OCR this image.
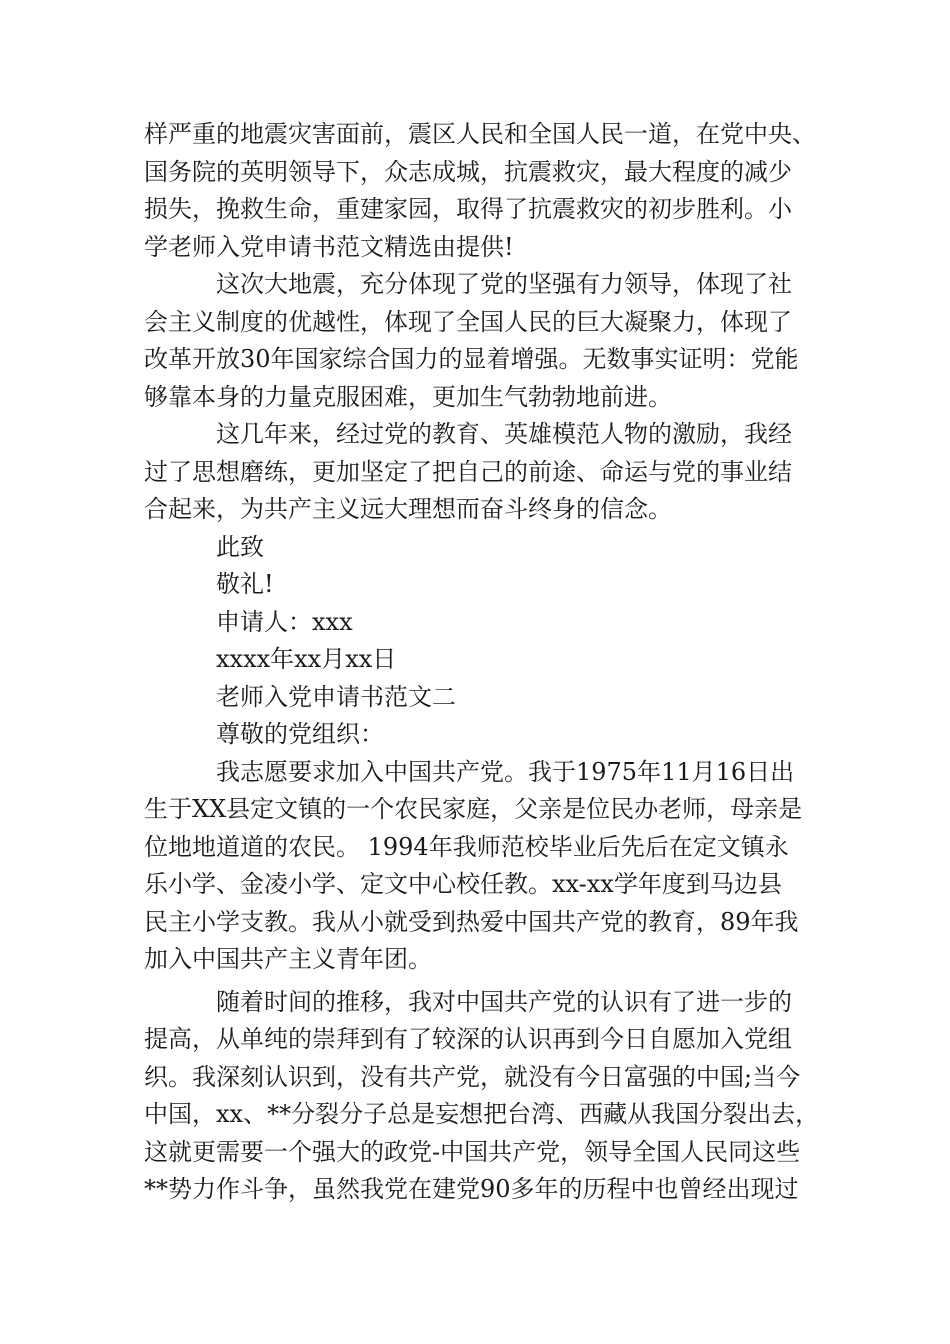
样严重的地震灾害面前，震区人民和全国人民一道，在党中央、
国务院的英明领导下，众志成城，抗震救灾，最大程度的减少
损失，挽救生命，重建家园，取得了抗震救灾的初步胜利。小
学老师入党申请书范文精选由提供!
这次大地震，充分体现了党的坚强有力领导，体现了社
会主义制度的优越性，体现了全国人民的巨大凝聚力，体现了
改革开放30年国家综合国力的显着增强。无数事实证明：党能
够靠本身的力量克服困难，更加生气勃勃地前进。
这几年来，经过党的教育、英雄模范人物的激励，我经
过了思想磨练，更加坚定了把自己的前途、命运与党的事业结
合起来，为共产主义远大理想而奋斗终身的信念。
此致
敬礼!
申请人：xxx
xxxx年xx月xx日
老师入党申请书范文二
尊敬的党组织：
我志愿要求加入中国共产党。我于1975年11月16日出
生于XX县定文镇的一个农民家庭，父亲是位民办老师，母亲是
位地地道道的农民。 1994年我师范校毕业后先后在定文镇永
乐小学、金凌小学、定文中心校任教。xx-xx学年度到马边县
民主小学支教。我从小就受到热爱中国共产党的教育，89年我
加入中国共产主义青年团。
随着时间的推移，我对中国共产党的认识有了进一步的
提高，从单纯的崇拜到有了较深的认识再到今日自愿加入党组
织。我深刻认识到，没有共产党，就没有今日富强的中国;当今
中国，xx、**分裂分子总是妄想把台湾、西藏从我国分裂出去，
这就更需要一个强大的政党-中国共产党，领导全国人民同这些
**势力作斗争，虽然我党在建党90多年的历程中也曾经出现过
